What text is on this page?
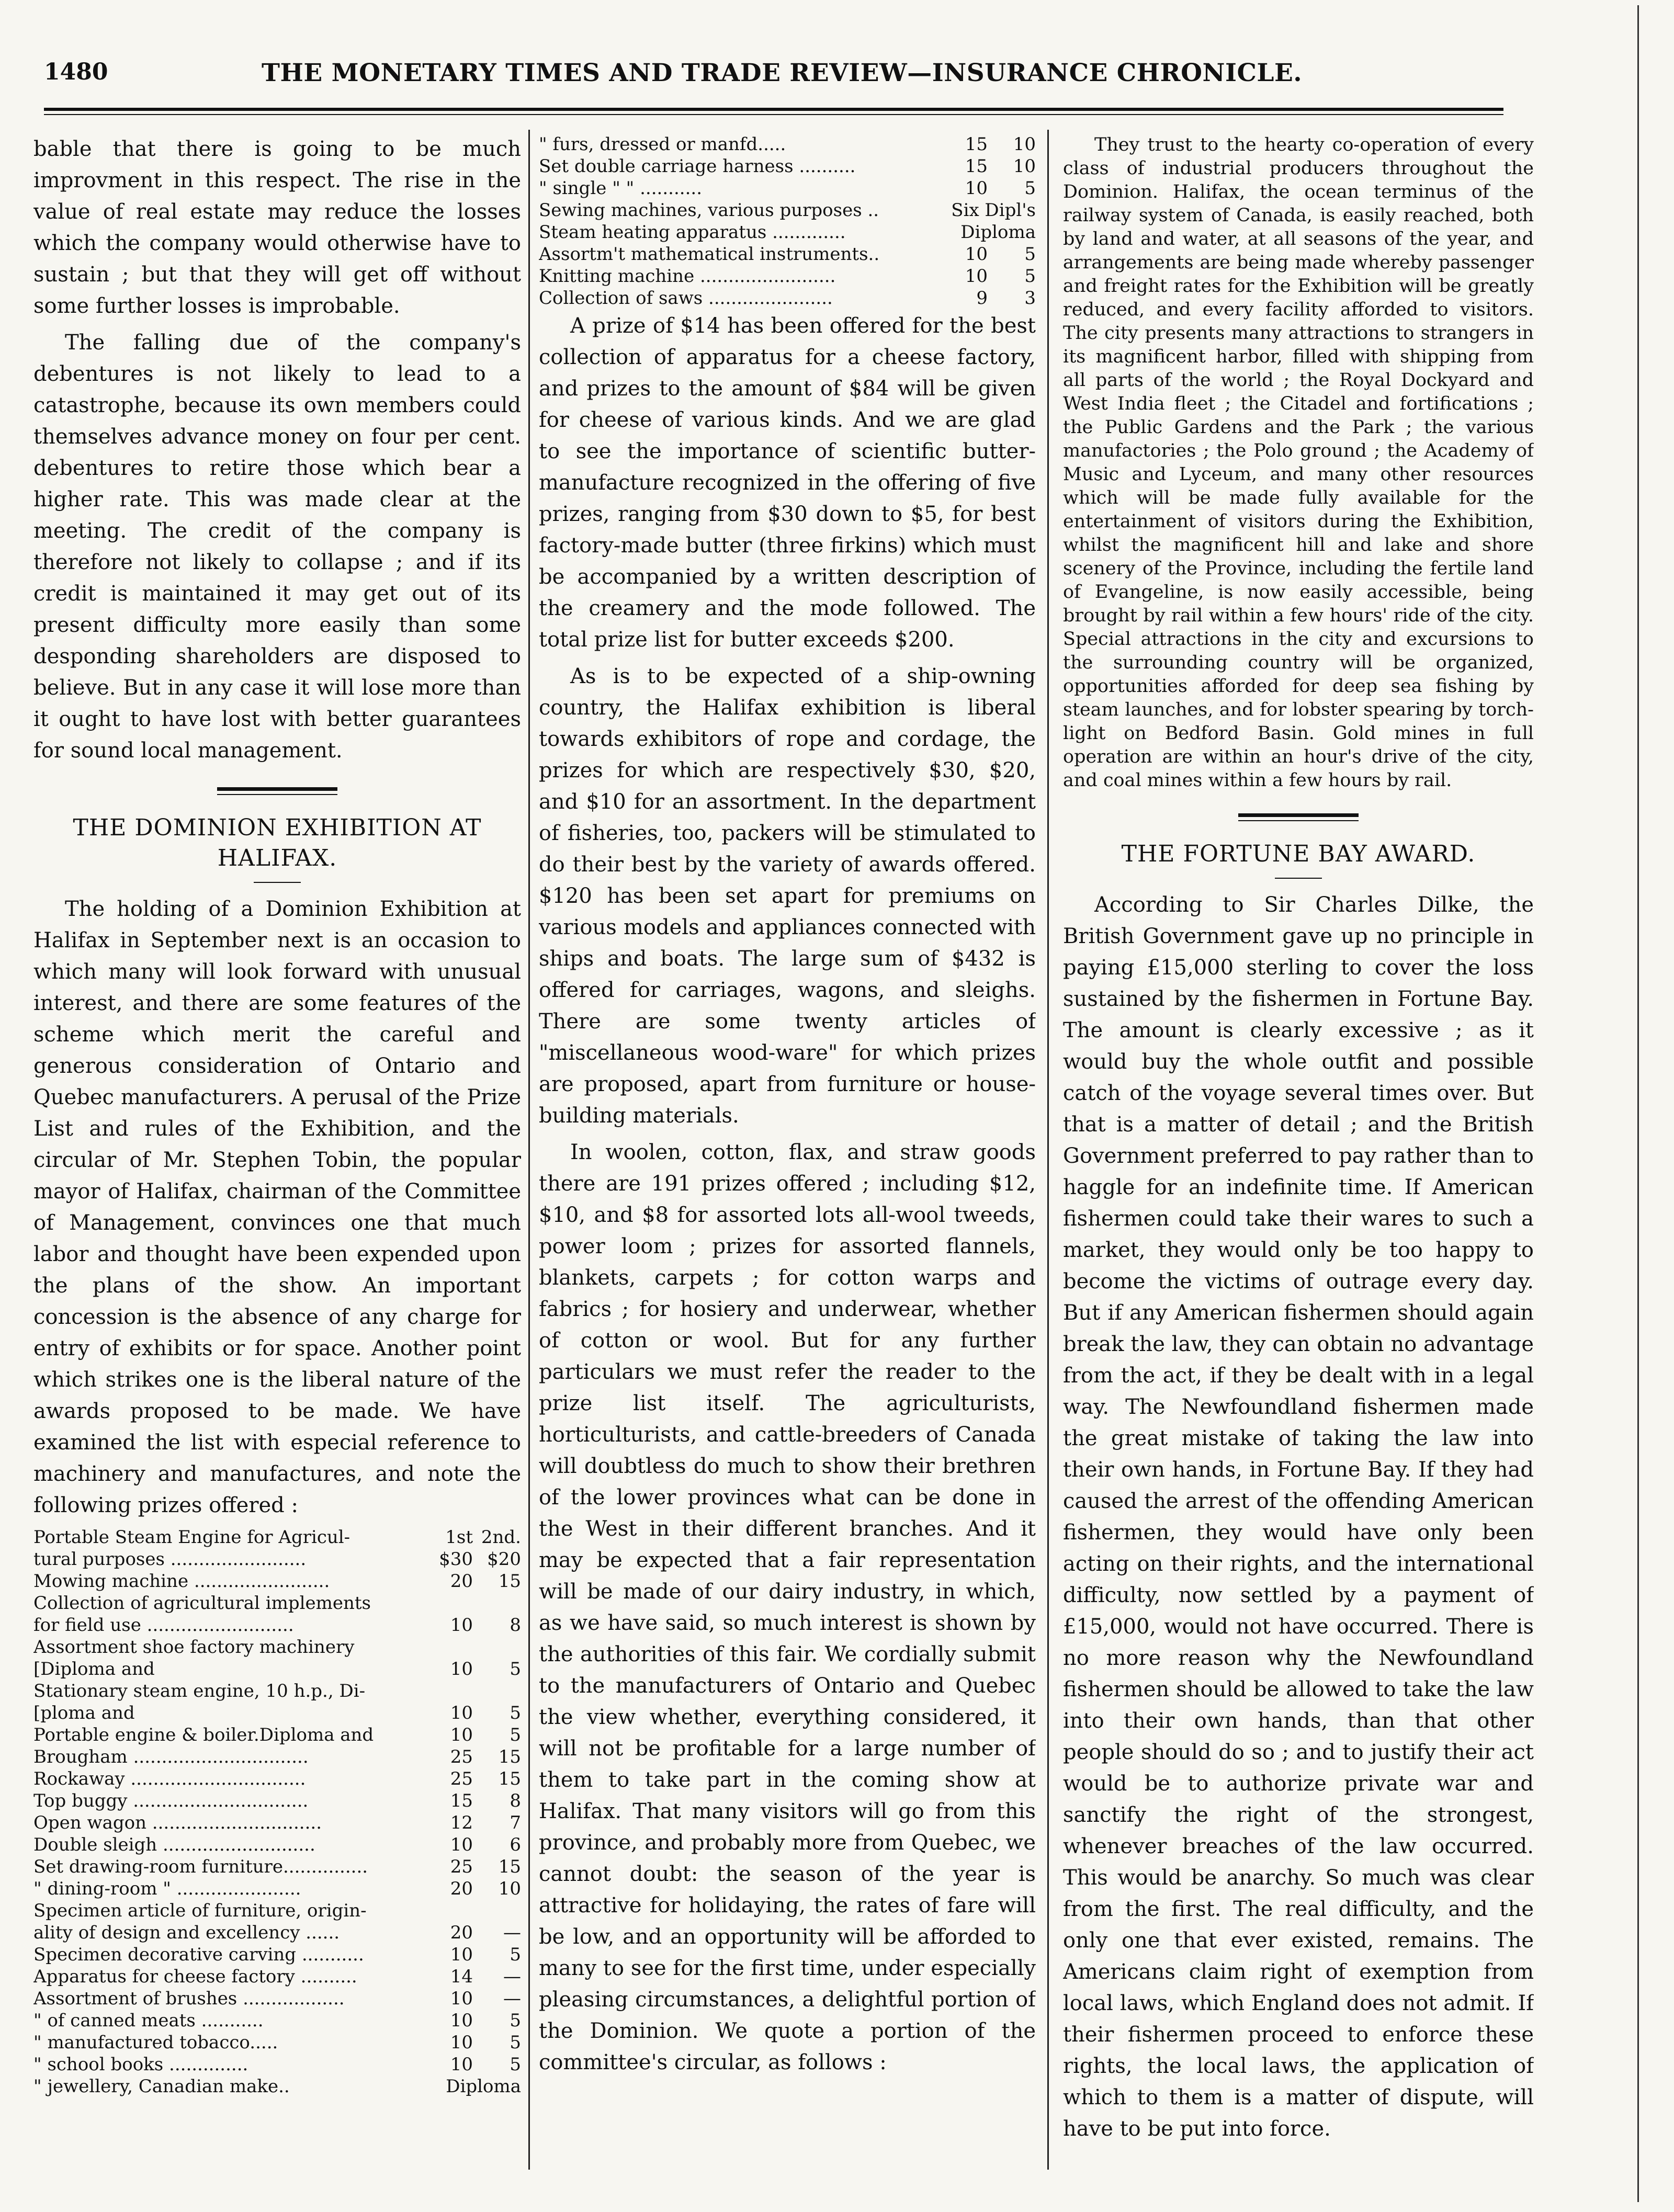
1480	THE MONETARY TIMES AND TRADE REVIEW—INSURANCE CHRONICLE.

bable that there is going to be much improvment in this respect. The rise in the value of real estate may reduce the losses which the company would otherwise have to sustain ; but that they will get off without some further losses is improbable.

The falling due of the company's debentures is not likely to lead to a catastrophe, because its own members could themselves advance money on four per cent. debentures to retire those which bear a higher rate. This was made clear at the meeting. The credit of the company is therefore not likely to collapse ; and if its credit is maintained it may get out of its present difficulty more easily than some desponding shareholders are disposed to believe. But in any case it will lose more than it ought to have lost with better guarantees for sound local management.

THE DOMINION EXHIBITION AT HALIFAX.

The holding of a Dominion Exhibition at Halifax in September next is an occasion to which many will look forward with unusual interest, and there are some features of the scheme which merit the careful and generous consideration of Ontario and Quebec manufacturers. A perusal of the Prize List and rules of the Exhibition, and the circular of Mr. Stephen Tobin, the popular mayor of Halifax, chairman of the Committee of Management, convinces one that much labor and thought have been expended upon the plans of the show. An important concession is the absence of any charge for entry of exhibits or for space. Another point which strikes one is the liberal nature of the awards proposed to be made. We have examined the list with especial reference to machinery and manufactures, and note the following prizes offered :

Portable Steam Engine for Agricul-	1st	2nd.
tural purposes ........................	$30	$20
Mowing machine ........................	20	15
Collection of agricultural implements		
for field use ..........................	10	8
Assortment shoe factory machinery		
[Diploma and	10	5
Stationary steam engine, 10 h.p., Di-		
[ploma and	10	5
Portable engine & boiler.Diploma and	10	5
Brougham ...............................	25	15
Rockaway ...............................	25	15
Top buggy ...............................	15	8
Open wagon ..............................	12	7
Double sleigh ...........................	10	6
Set drawing-room furniture...............	25	15
" dining-room " ......................	20	10
Specimen article of furniture, origin-		
ality of design and excellency ......	20	—
Specimen decorative carving ...........	10	5
Apparatus for cheese factory ..........	14	—
Assortment of brushes ..................	10	—
" of canned meats ...........	10	5
" manufactured tobacco.....	10	5
" school books ..............	10	5
" jewellery, Canadian make..	Diploma	
" furs, dressed or manfd.....	15	10
Set double carriage harness ..........	15	10
" single " " ...........	10	5
Sewing machines, various purposes ..	Six Dipl's	
Steam heating apparatus .............	Diploma	
Assortm't mathematical instruments..	10	5
Knitting machine ........................	10	5
Collection of saws ......................	9	3

A prize of $14 has been offered for the best collection of apparatus for a cheese factory, and prizes to the amount of $84 will be given for cheese of various kinds. And we are glad to see the importance of scientific butter-manufacture recognized in the offering of five prizes, ranging from $30 down to $5, for best factory-made butter (three firkins) which must be accompanied by a written description of the creamery and the mode followed. The total prize list for butter exceeds $200.

As is to be expected of a ship-owning country, the Halifax exhibition is liberal towards exhibitors of rope and cordage, the prizes for which are respectively $30, $20, and $10 for an assortment. In the department of fisheries, too, packers will be stimulated to do their best by the variety of awards offered. $120 has been set apart for premiums on various models and appliances connected with ships and boats. The large sum of $432 is offered for carriages, wagons, and sleighs. There are some twenty articles of "miscellaneous wood-ware" for which prizes are proposed, apart from furniture or house-building materials.

In woolen, cotton, flax, and straw goods there are 191 prizes offered ; including $12, $10, and $8 for assorted lots all-wool tweeds, power loom ; prizes for assorted flannels, blankets, carpets ; for cotton warps and fabrics ; for hosiery and underwear, whether of cotton or wool. But for any further particulars we must refer the reader to the prize list itself. The agriculturists, horticulturists, and cattle-breeders of Canada will doubtless do much to show their brethren of the lower provinces what can be done in the West in their different branches. And it may be expected that a fair representation will be made of our dairy industry, in which, as we have said, so much interest is shown by the authorities of this fair. We cordially submit to the manufacturers of Ontario and Quebec the view whether, everything considered, it will not be profitable for a large number of them to take part in the coming show at Halifax. That many visitors will go from this province, and probably more from Quebec, we cannot doubt: the season of the year is attractive for holidaying, the rates of fare will be low, and an opportunity will be afforded to many to see for the first time, under especially pleasing circumstances, a delightful portion of the Dominion. We quote a portion of the committee's circular, as follows :

They trust to the hearty co-operation of every class of industrial producers throughout the Dominion. Halifax, the ocean terminus of the railway system of Canada, is easily reached, both by land and water, at all seasons of the year, and arrangements are being made whereby passenger and freight rates for the Exhibition will be greatly reduced, and every facility afforded to visitors. The city presents many attractions to strangers in its magnificent harbor, filled with shipping from all parts of the world ; the Royal Dockyard and West India fleet ; the Citadel and fortifications ; the Public Gardens and the Park ; the various manufactories ; the Polo ground ; the Academy of Music and Lyceum, and many other resources which will be made fully available for the entertainment of visitors during the Exhibition, whilst the magnificent hill and lake and shore scenery of the Province, including the fertile land of Evangeline, is now easily accessible, being brought by rail within a few hours' ride of the city. Special attractions in the city and excursions to the surrounding country will be organized, opportunities afforded for deep sea fishing by steam launches, and for lobster spearing by torch-light on Bedford Basin. Gold mines in full operation are within an hour's drive of the city, and coal mines within a few hours by rail.

THE FORTUNE BAY AWARD.

According to Sir Charles Dilke, the British Government gave up no principle in paying £15,000 sterling to cover the loss sustained by the fishermen in Fortune Bay. The amount is clearly excessive ; as it would buy the whole outfit and possible catch of the voyage several times over. But that is a matter of detail ; and the British Government preferred to pay rather than to haggle for an indefinite time. If American fishermen could take their wares to such a market, they would only be too happy to become the victims of outrage every day. But if any American fishermen should again break the law, they can obtain no advantage from the act, if they be dealt with in a legal way. The Newfoundland fishermen made the great mistake of taking the law into their own hands, in Fortune Bay. If they had caused the arrest of the offending American fishermen, they would have only been acting on their rights, and the international difficulty, now settled by a payment of £15,000, would not have occurred. There is no more reason why the Newfoundland fishermen should be allowed to take the law into their own hands, than that other people should do so ; and to justify their act would be to authorize private war and sanctify the right of the strongest, whenever breaches of the law occurred. This would be anarchy. So much was clear from the first. The real difficulty, and the only one that ever existed, remains. The Americans claim right of exemption from local laws, which England does not admit. If their fishermen proceed to enforce these rights, the local laws, the application of which to them is a matter of dispute, will have to be put into force.
